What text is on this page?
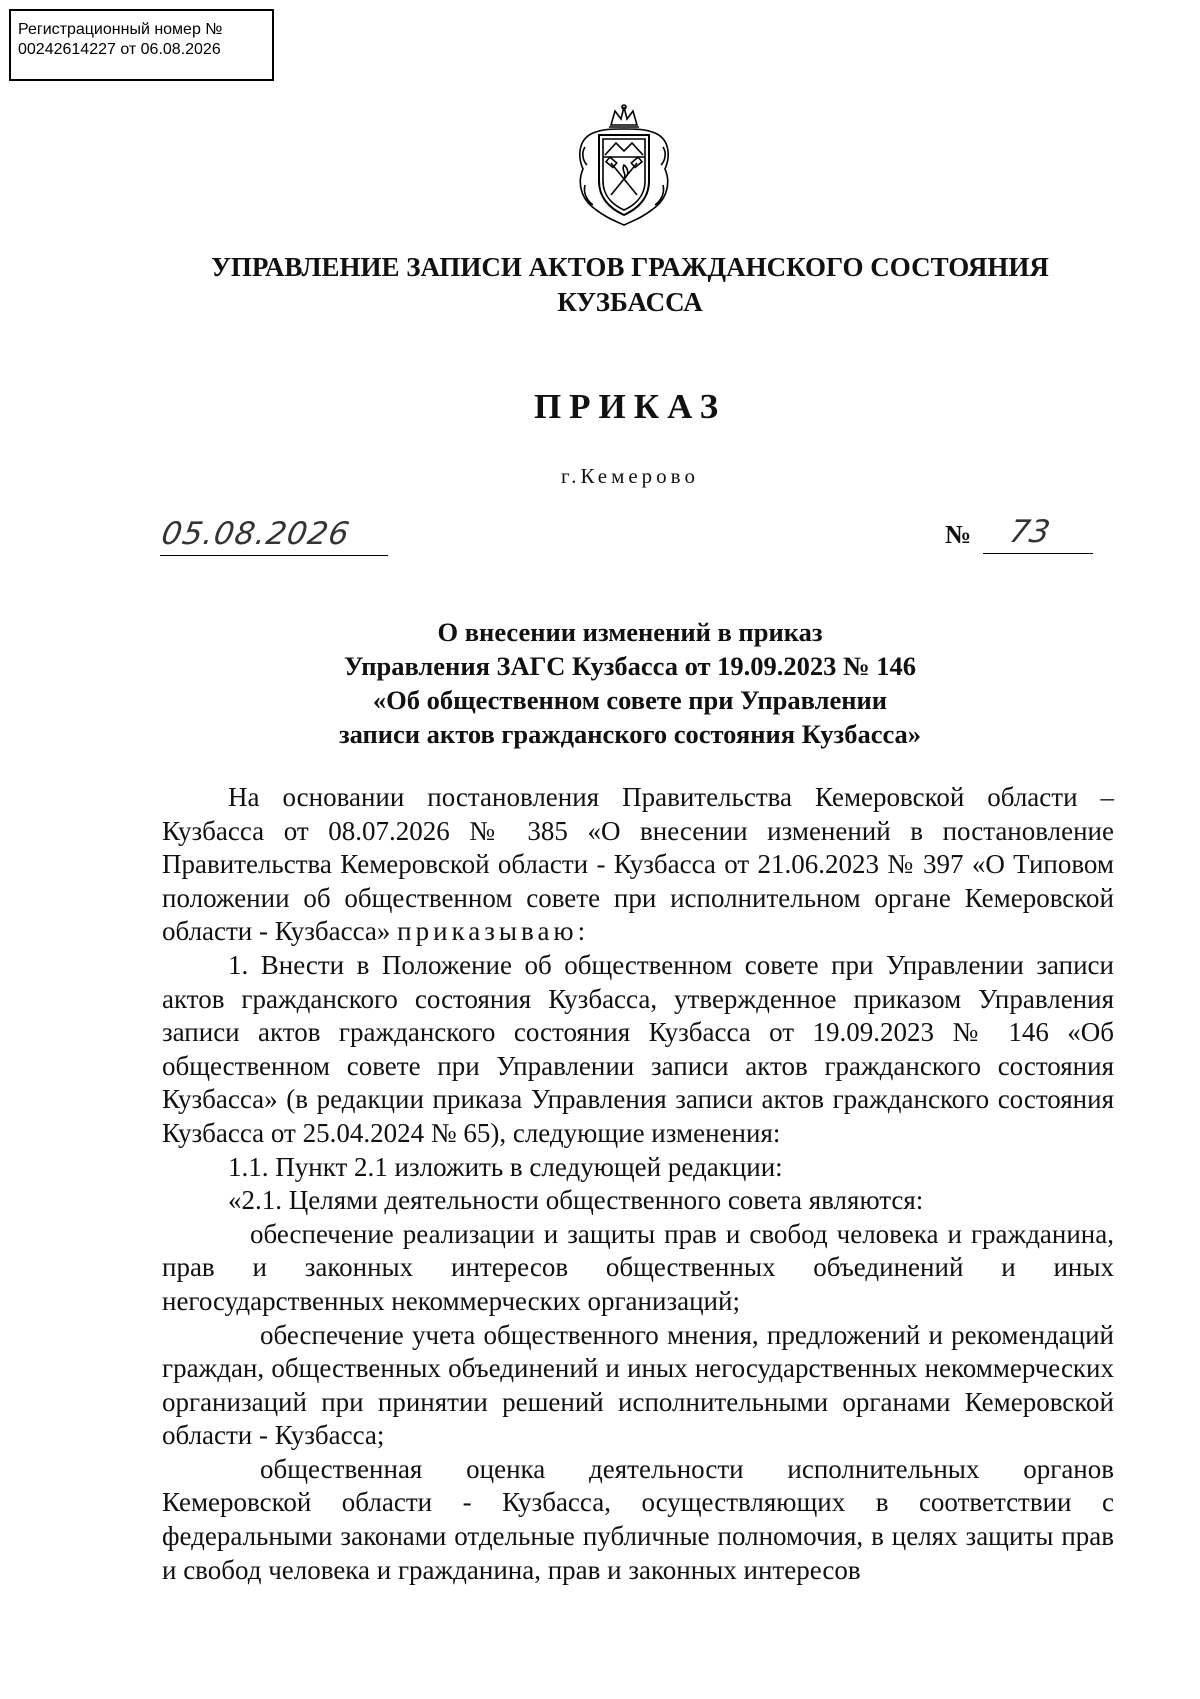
Регистрационный номер №
00242614227 от 06.08.2026
УПРАВЛЕНИЕ ЗАПИСИ АКТОВ ГРАЖДАНСКОГО СОСТОЯНИЯ
КУЗБАССА
ПРИКАЗ
г.Кемерово
05.08.2026	№ 73
О внесении изменений в приказ
Управления ЗАГС Кузбасса от 19.09.2023 № 146
«Об общественном совете при Управлении
записи актов гражданского состояния Кузбасса»

На основании постановления Правительства Кемеровской области – Кузбасса от 08.07.2026 № 385 «О внесении изменений в постановление Правительства Кемеровской области - Кузбасса от 21.06.2023 № 397 «О Типовом положении об общественном совете при исполнительном органе Кемеровской области - Кузбасса» приказываю:

1. Внести в Положение об общественном совете при Управлении записи актов гражданского состояния Кузбасса, утвержденное приказом Управления записи актов гражданского состояния Кузбасса от 19.09.2023 № 146 «Об общественном совете при Управлении записи актов гражданского состояния Кузбасса» (в редакции приказа Управления записи актов гражданского состояния Кузбасса от 25.04.2024 № 65), следующие изменения:

1.1. Пункт 2.1 изложить в следующей редакции:

«2.1. Целями деятельности общественного совета являются:

обеспечение реализации и защиты прав и свобод человека и гражданина, прав и законных интересов общественных объединений и иных негосударственных некоммерческих организаций;

обеспечение учета общественного мнения, предложений и рекомендаций граждан, общественных объединений и иных негосударственных некоммерческих организаций при принятии решений исполнительными органами Кемеровской области - Кузбасса;

общественная оценка деятельности исполнительных органов Кемеровской области - Кузбасса, осуществляющих в соответствии с федеральными законами отдельные публичные полномочия, в целях защиты прав и свобод человека и гражданина, прав и законных интересов
